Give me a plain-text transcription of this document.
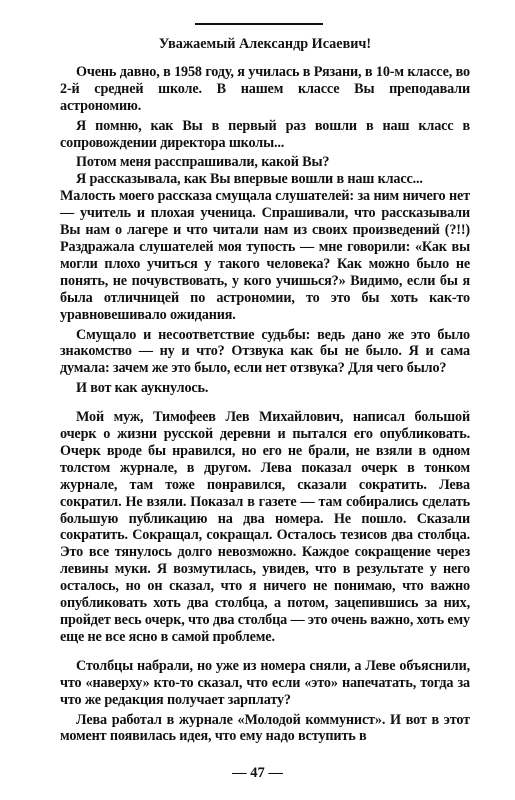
Уважаемый Александр Исаевич!

Очень давно, в 1958 году, я училась в Рязани, в 10-м классе, во 2-й средней школе. В нашем классе Вы преподавали астрономию.

Я помню, как Вы в первый раз вошли в наш класс в сопровождении директора школы...

Потом меня расспрашивали, какой Вы?

Я рассказывала, как Вы впервые вошли в наш класс...

Малость моего рассказа смущала слушателей: за ним ничего нет — учитель и плохая ученица. Спрашивали, что рассказывали Вы нам о лагере и что читали нам из своих произведений (?!!) Раздражала слушателей моя тупость — мне говорили: «Как вы могли плохо учиться у такого человека? Как можно было не понять, не почувствовать, у кого учишься?» Видимо, если бы я была отличницей по астрономии, то это бы хоть как-то уравновешивало ожидания.

Смущало и несоответствие судьбы: ведь дано же это было знакомство — ну и что? Отзвука как бы не было. Я и сама думала: зачем же это было, если нет отзвука? Для чего было?

И вот как аукнулось.

Мой муж, Тимофеев Лев Михайлович, написал большой очерк о жизни русской деревни и пытался его опубликовать. Очерк вроде бы нравился, но его не брали, не взяли в одном толстом журнале, в другом. Лева показал очерк в тонком журнале, там тоже понравился, сказали сократить. Лева сократил. Не взяли. Показал в газете — там собирались сделать большую публикацию на два номера. Не пошло. Сказали сократить. Сокращал, сокращал. Осталось тезисов два столбца. Это все тянулось долго невозможно. Каждое сокращение через левины муки. Я возмутилась, увидев, что в результате у него осталось, но он сказал, что я ничего не понимаю, что важно опубликовать хоть два столбца, а потом, зацепившись за них, пройдет весь очерк, что два столбца — это очень важно, хоть ему еще не все ясно в самой проблеме.

Столбцы набрали, но уже из номера сняли, а Леве объяснили, что «наверху» кто-то сказал, что если «это» напечатать, тогда за что же редакция получает зарплату?

Лева работал в журнале «Молодой коммунист». И вот в этот момент появилась идея, что ему надо вступить в

— 47 —
